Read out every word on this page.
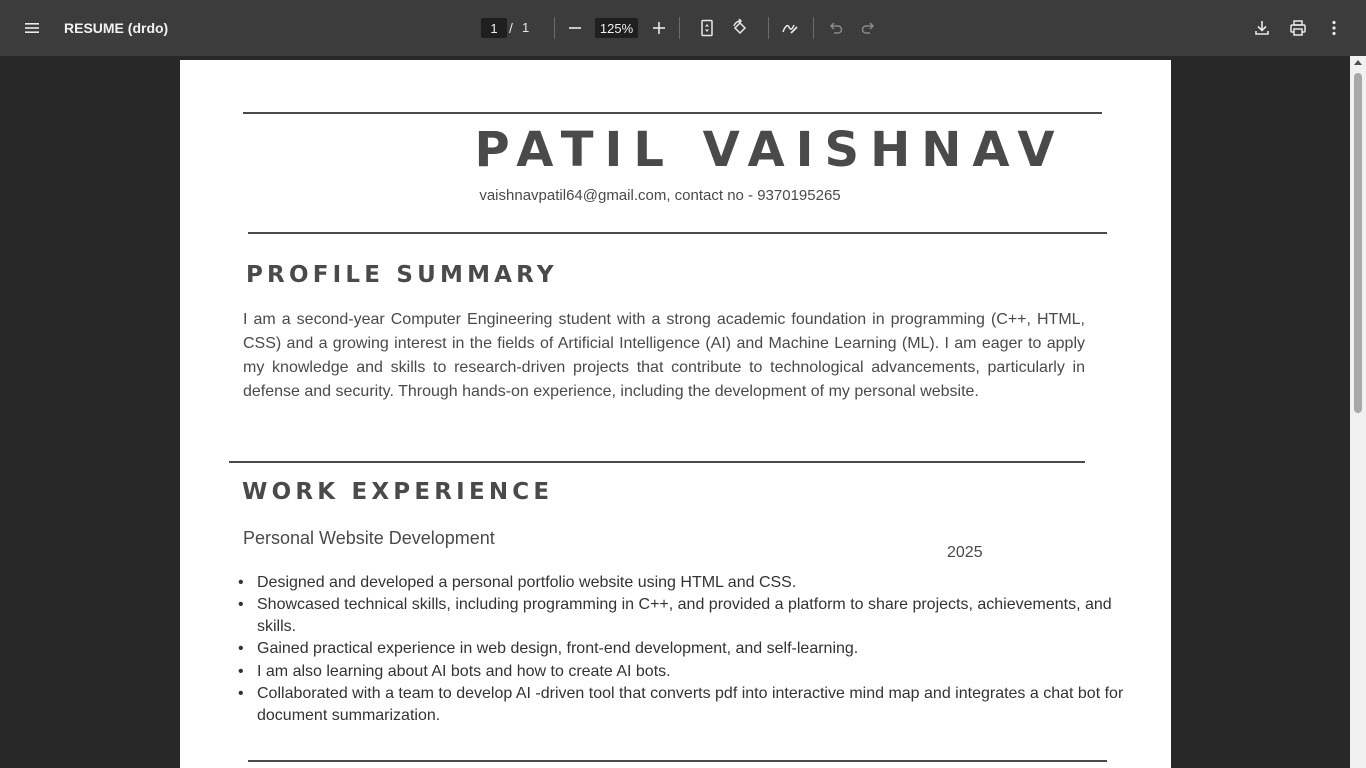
RESUME (drdo)
1	/ 1
125%
PATIL VAISHNAV
vaishnavpatil64@gmail.com, contact no - 9370195265
PROFILE SUMMARY
I am a second-year Computer Engineering student with a strong academic foundation in programming (C++, HTML, CSS) and a growing interest in the fields of Artificial Intelligence (AI) and Machine Learning (ML). I am eager to apply my knowledge and skills to research-driven projects that contribute to technological advancements, particularly in defense and security. Through hands-on experience, including the development of my personal website.
WORK EXPERIENCE
Personal Website Development
2025
• Designed and developed a personal portfolio website using HTML and CSS.
• Showcased technical skills, including programming in C++, and provided a platform to share projects, achievements, and skills.
• Gained practical experience in web design, front-end development, and self-learning.
• I am also learning about AI bots and how to create AI bots.
• Collaborated with a team to develop AI -driven tool that converts pdf into interactive mind map and integrates a chat bot for document summarization.
